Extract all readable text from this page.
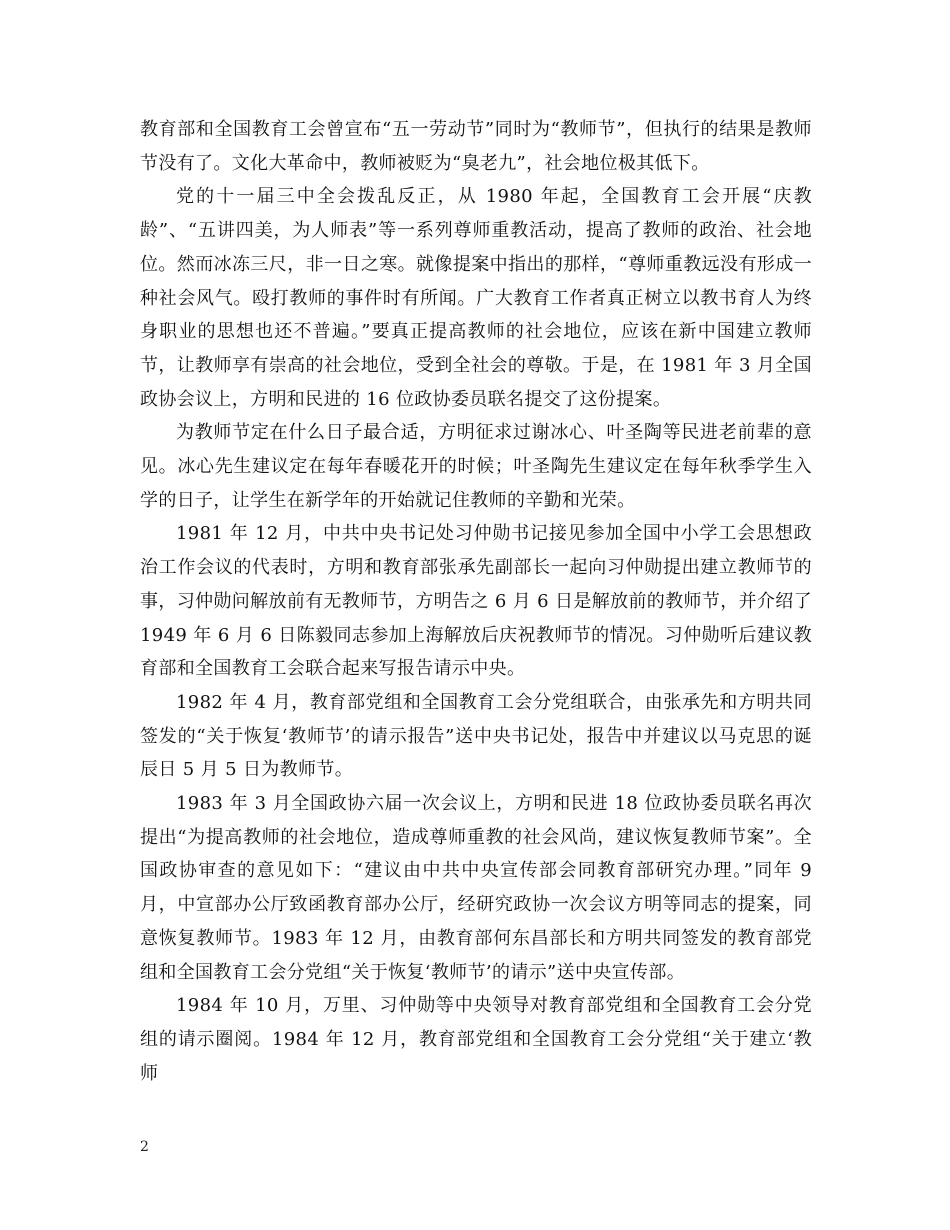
教育部和全国教育工会曾宣布“五一劳动节”同时为“教师节”，但执行的结果是教师节没有了。文化大革命中，教师被贬为“臭老九”，社会地位极其低下。

党的十一届三中全会拨乱反正，从 1980 年起，全国教育工会开展“庆教龄”、“五讲四美，为人师表”等一系列尊师重教活动，提高了教师的政治、社会地位。然而冰冻三尺，非一日之寒。就像提案中指出的那样，“尊师重教远没有形成一种社会风气。殴打教师的事件时有所闻。广大教育工作者真正树立以教书育人为终身职业的思想也还不普遍。”要真正提高教师的社会地位，应该在新中国建立教师节，让教师享有崇高的社会地位，受到全社会的尊敬。于是，在 1981 年 3 月全国政协会议上，方明和民进的 16 位政协委员联名提交了这份提案。

为教师节定在什么日子最合适，方明征求过谢冰心、叶圣陶等民进老前辈的意见。冰心先生建议定在每年春暖花开的时候；叶圣陶先生建议定在每年秋季学生入学的日子，让学生在新学年的开始就记住教师的辛勤和光荣。

1981 年 12 月，中共中央书记处习仲勋书记接见参加全国中小学工会思想政治工作会议的代表时，方明和教育部张承先副部长一起向习仲勋提出建立教师节的事，习仲勋问解放前有无教师节，方明告之 6 月 6 日是解放前的教师节，并介绍了 1949 年 6 月 6 日陈毅同志参加上海解放后庆祝教师节的情况。习仲勋听后建议教育部和全国教育工会联合起来写报告请示中央。

1982 年 4 月，教育部党组和全国教育工会分党组联合，由张承先和方明共同签发的“关于恢复‘教师节’的请示报告”送中央书记处，报告中并建议以马克思的诞辰日 5 月 5 日为教师节。

1983 年 3 月全国政协六届一次会议上，方明和民进 18 位政协委员联名再次提出“为提高教师的社会地位，造成尊师重教的社会风尚，建议恢复教师节案”。全国政协审查的意见如下：“建议由中共中央宣传部会同教育部研究办理。”同年 9 月，中宣部办公厅致函教育部办公厅，经研究政协一次会议方明等同志的提案，同意恢复教师节。1983 年 12 月，由教育部何东昌部长和方明共同签发的教育部党组和全国教育工会分党组“关于恢复‘教师节’的请示”送中央宣传部。

1984 年 10 月，万里、习仲勋等中央领导对教育部党组和全国教育工会分党组的请示圈阅。1984 年 12 月，教育部党组和全国教育工会分党组“关于建立‘教师

2
